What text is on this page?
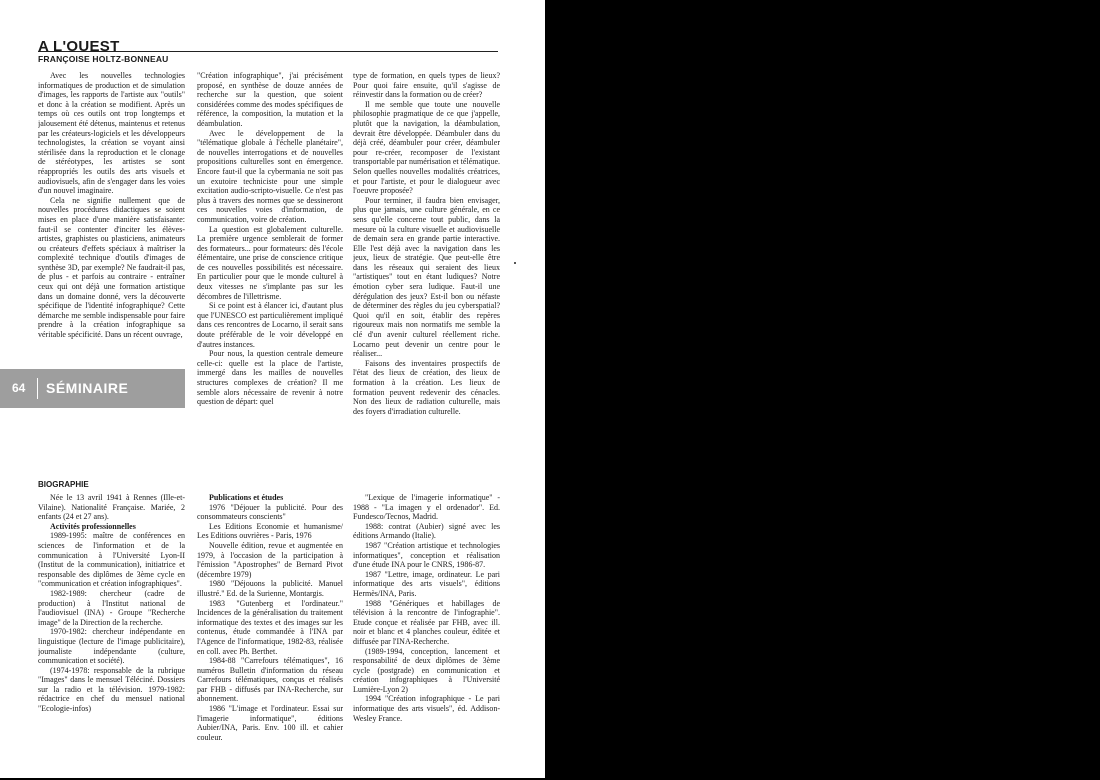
A L'OUEST
FRANÇOISE HOLTZ-BONNEAU

Avec les nouvelles technologies informatiques de production et de simulation d'images, les rapports de l'artiste aux "outils" et donc à la création se modifient. Après un temps où ces outils ont trop longtemps et jalousement été détenus, maintenus et retenus par les créateurs-logiciels et les développeurs technologistes, la création se voyant ainsi stérilisée dans la reproduction et le clonage de stéréotypes, les artistes se sont réappropriés les outils des arts visuels et audiovisuels, afin de s'engager dans les voies d'un nouvel imaginaire.

Cela ne signifie nullement que de nouvelles procédures didactiques se soient mises en place d'une manière satisfaisante: faut-il se contenter d'inciter les élèves-artistes, graphistes ou plasticiens, animateurs ou créateurs d'effets spéciaux à maîtriser la complexité technique d'outils d'images de synthèse 3D, par exemple? Ne faudrait-il pas, de plus - et parfois au contraire - entraîner ceux qui ont déjà une formation artistique dans un domaine donné, vers la découverte spécifique de l'identité infographique? Cette démarche me semble indispensable pour faire prendre à la création infographique sa véritable spécificité. Dans un récent ouvrage,

"Création infographique", j'ai précisément proposé, en synthèse de douze années de recherche sur la question, que soient considérées comme des modes spécifiques de référence, la composition, la mutation et la déambulation.

Avec le développement de la "télématique globale à l'échelle planétaire", de nouvelles interrogations et de nouvelles propositions culturelles sont en émergence. Encore faut-il que la cybermania ne soit pas un exutoire techniciste pour une simple excitation audio-scripto-visuelle. Ce n'est pas plus à travers des normes que se dessineront ces nouvelles voies d'information, de communication, voire de création.

La question est globalement culturelle. La première urgence semblerait de former des formateurs... pour formateurs: dès l'école élémentaire, une prise de conscience critique de ces nouvelles possibilités est nécessaire. En particulier pour que le monde culturel à deux vitesses ne s'implante pas sur les décombres de l'illettrisme.

Si ce point est à élancer ici, d'autant plus que l'UNESCO est particulièrement impliqué dans ces rencontres de Locarno, il serait sans doute préférable de le voir développé en d'autres instances.

Pour nous, la question centrale demeure celle-ci: quelle est la place de l'artiste, immergé dans les mailles de nouvelles structures complexes de création? Il me semble alors nécessaire de revenir à notre question de départ: quel

type de formation, en quels types de lieux? Pour quoi faire ensuite, qu'il s'agisse de réinvestir dans la formation ou de créer?

Il me semble que toute une nouvelle philosophie pragmatique de ce que j'appelle, plutôt que la navigation, la déambulation, devrait être développée. Déambuler dans du déjà créé, déambuler pour créer, déambuler pour re-créer, recomposer de l'existant transportable par numérisation et télématique. Selon quelles nouvelles modalités créatrices, et pour l'artiste, et pour le dialogueur avec l'oeuvre proposée?

Pour terminer, il faudra bien envisager, plus que jamais, une culture générale, en ce sens qu'elle concerne tout public, dans la mesure où la culture visuelle et audiovisuelle de demain sera en grande partie interactive. Elle l'est déjà avec la navigation dans les jeux, lieux de stratégie. Que peut-elle être dans les réseaux qui seraient des lieux "artistiques" tout en étant ludiques? Notre émotion cyber sera ludique. Faut-il une dérégulation des jeux? Est-il bon ou néfaste de déterminer des règles du jeu cyberspatial? Quoi qu'il en soit, établir des repères rigoureux mais non normatifs me semble la clé d'un avenir culturel réellement riche. Locarno peut devenir un centre pour le réaliser...

Faisons des inventaires prospectifs de l'état des lieux de création, des lieux de formation à la création. Les lieux de formation peuvent redevenir des cénacles. Non des lieux de radiation culturelle, mais des foyers d'irradiation culturelle.

64 SÉMINAIRE
BIOGRAPHIE

Née le 13 avril 1941 à Rennes (Ille-et-Vilaine). Nationalité Française. Mariée, 2 enfants (24 et 27 ans).

Activités professionnelles

1989-1995: maître de conférences en sciences de l'information et de la communication à l'Université Lyon-II (Institut de la communication), initiatrice et responsable des diplômes de 3ème cycle en "communication et création infographiques".

1982-1989: chercheur (cadre de production) à l'Institut national de l'audiovisuel (INA) - Groupe "Recherche image" de la Direction de la recherche.

1970-1982: chercheur indépendante en linguistique (lecture de l'image publicitaire), journaliste indépendante (culture, communication et société).

(1974-1978: responsable de la rubrique "Images" dans le mensuel Téléciné. Dossiers sur la radio et la télévision. 1979-1982: rédactrice en chef du mensuel national "Ecologie-infos)

Publications et études

1976 "Déjouer la publicité. Pour des consommateurs conscients"

Les Editions Economie et humanisme/ Les Editions ouvrières - Paris, 1976

Nouvelle édition, revue et augmentée en 1979, à l'occasion de la participation à l'émission "Apostrophes" de Bernard Pivot (décembre 1979)

1980 "Déjouons la publicité. Manuel illustré." Ed. de la Surienne, Montargis.

1983 "Gutenberg et l'ordinateur." Incidences de la généralisation du traitement informatique des textes et des images sur les contenus, étude commandée à l'INA par l'Agence de l'informatique, 1982-83, réalisée en coll. avec Ph. Berthet.

1984-88 "Carrefours télématiques", 16 numéros Bulletin d'information du réseau Carrefours télématiques, conçus et réalisés par FHB - diffusés par INA-Recherche, sur abonnement.

1986 "L'image et l'ordinateur. Essai sur l'imagerie informatique", éditions Aubier/INA, Paris. Env. 100 ill. et cahier couleur.

"Lexique de l'imagerie informatique" - 1988 - "La imagen y el ordenador". Ed. Fundesco/Tecnos, Madrid.

1988: contrat (Aubier) signé avec les éditions Armando (Italie).

1987 "Création artistique et technologies informatiques", conception et réalisation d'une étude INA pour le CNRS, 1986-87.

1987 "Lettre, image, ordinateur. Le pari informatique des arts visuels", éditions Hermès/INA, Paris.

1988 "Génériques et habillages de télévision à la rencontre de l'infographie". Etude conçue et réalisée par FHB, avec ill. noir et blanc et 4 planches couleur, éditée et diffusée par l'INA-Recherche.

(1989-1994, conception, lancement et responsabilité de deux diplômes de 3ème cycle (postgrade) en communication et création infographiques à l'Université Lumière-Lyon 2)

1994 "Création infographique - Le pari informatique des arts visuels", éd. Addison-Wesley France.
